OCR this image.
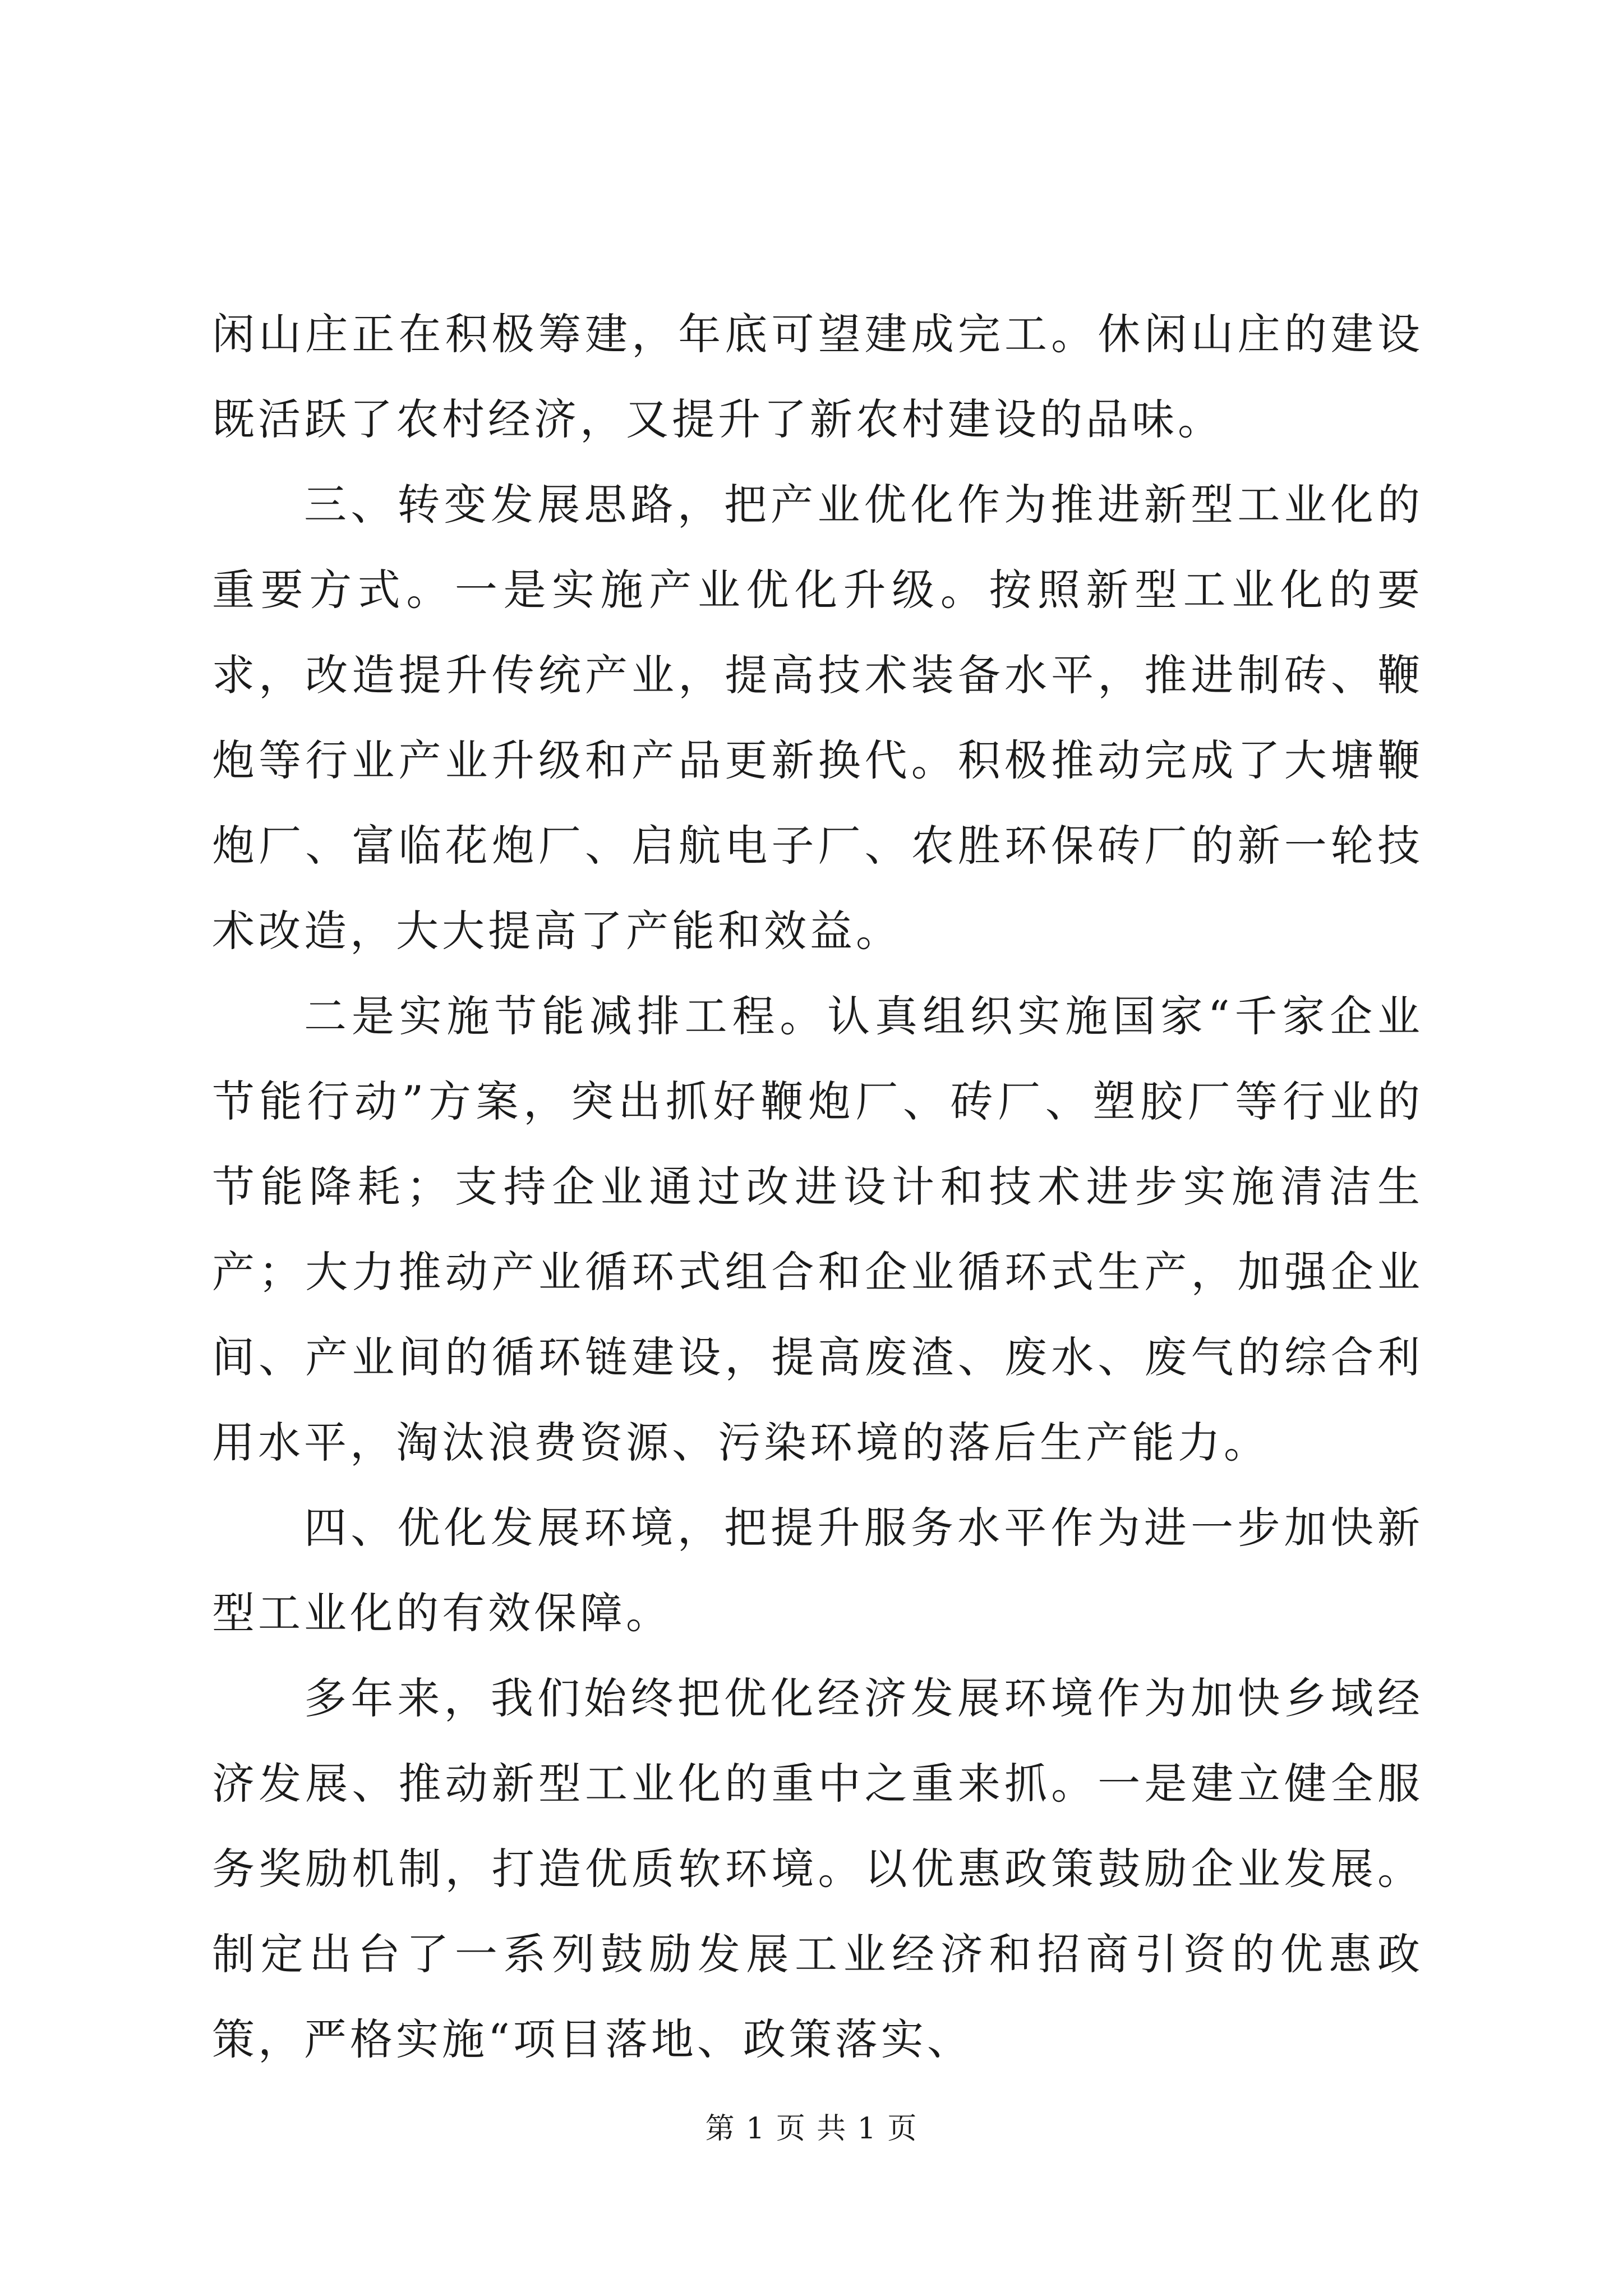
闲山庄正在积极筹建，年底可望建成完工。休闲山庄的建设既活跃了农村经济，又提升了新农村建设的品味。

三、转变发展思路，把产业优化作为推进新型工业化的重要方式。一是实施产业优化升级。按照新型工业化的要求，改造提升传统产业，提高技术装备水平，推进制砖、鞭炮等行业产业升级和产品更新换代。积极推动完成了大塘鞭炮厂、富临花炮厂、启航电子厂、农胜环保砖厂的新一轮技术改造，大大提高了产能和效益。

二是实施节能减排工程。认真组织实施国家“千家企业节能行动”方案，突出抓好鞭炮厂、砖厂、塑胶厂等行业的节能降耗；支持企业通过改进设计和技术进步实施清洁生产；大力推动产业循环式组合和企业循环式生产，加强企业间、产业间的循环链建设，提高废渣、废水、废气的综合利用水平，淘汰浪费资源、污染环境的落后生产能力。

四、优化发展环境，把提升服务水平作为进一步加快新型工业化的有效保障。

多年来，我们始终把优化经济发展环境作为加快乡域经济发展、推动新型工业化的重中之重来抓。一是建立健全服务奖励机制，打造优质软环境。以优惠政策鼓励企业发展。制定出台了一系列鼓励发展工业经济和招商引资的优惠政策，严格实施“项目落地、政策落实、

第 1 页 共 1 页
